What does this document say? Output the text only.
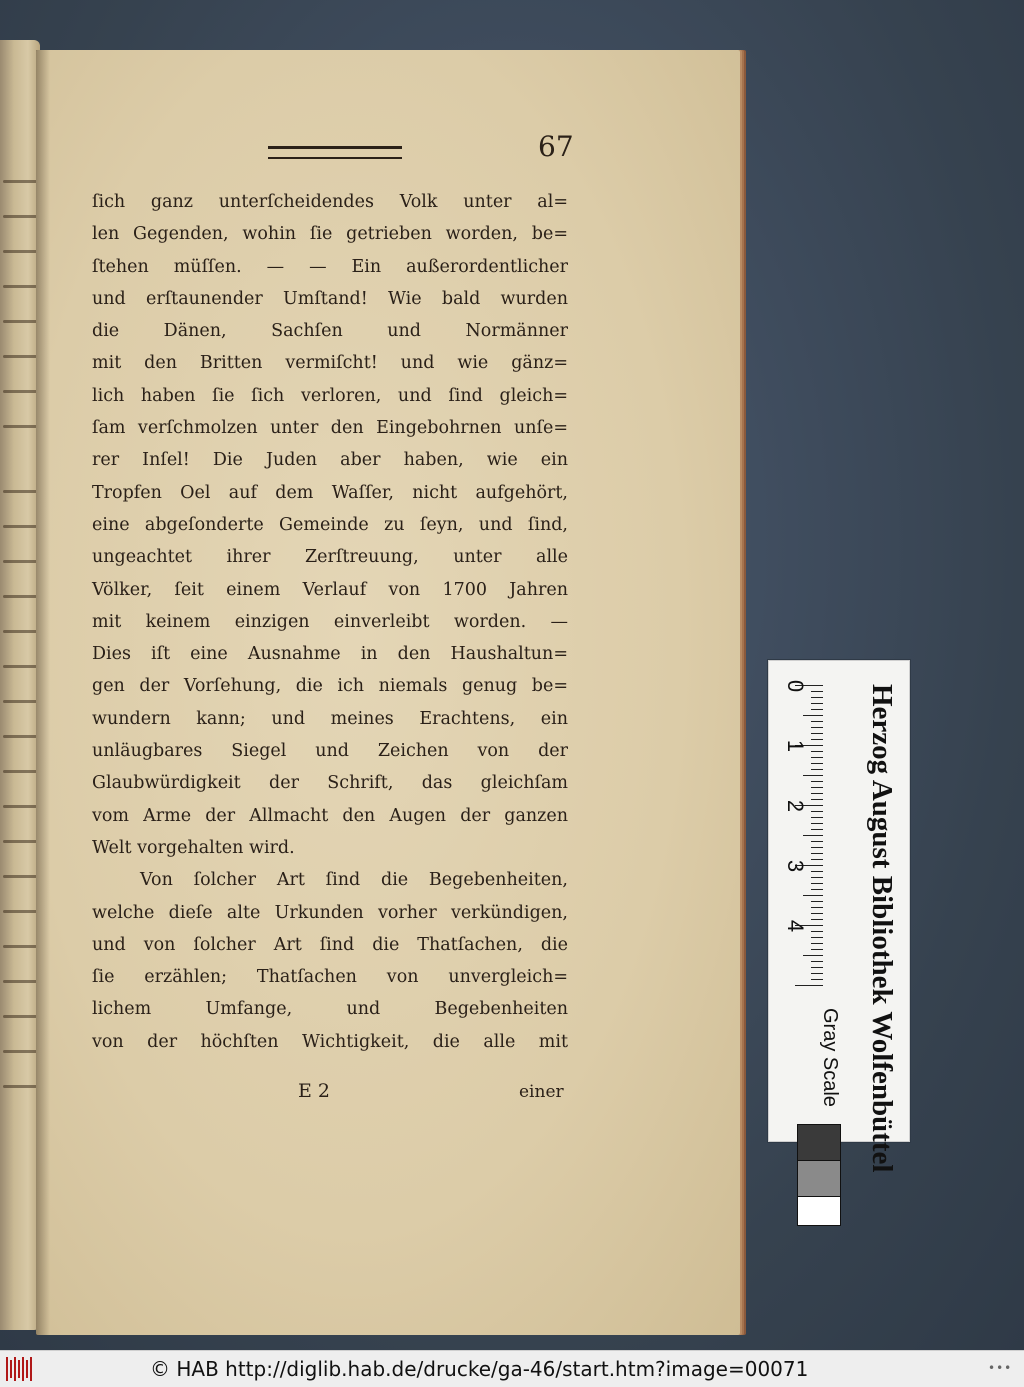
67
ſich ganz unterſcheidendes Volk unter al=
len Gegenden, wohin ſie getrieben worden, be=
ſtehen müſſen. — — Ein außerordentlicher
und erſtaunender Umſtand! Wie bald wurden
die Dänen, Sachſen und Normänner
mit den Britten vermiſcht! und wie gänz=
lich haben ſie ſich verloren, und ſind gleich=
ſam verſchmolzen unter den Eingebohrnen unſe=
rer Inſel! Die Juden aber haben, wie ein
Tropfen Oel auf dem Waſſer, nicht aufgehört,
eine abgeſonderte Gemeinde zu ſeyn, und ſind,
ungeachtet ihrer Zerſtreuung, unter alle
Völker, ſeit einem Verlauf von 1700 Jahren
mit keinem einzigen einverleibt worden. —
Dies iſt eine Ausnahme in den Haushaltun=
gen der Vorſehung, die ich niemals genug be=
wundern kann; und meines Erachtens, ein
unläugbares Siegel und Zeichen von der
Glaubwürdigkeit der Schrift, das gleichſam
vom Arme der Allmacht den Augen der ganzen
Welt vorgehalten wird.
Von ſolcher Art ſind die Begebenheiten,
welche dieſe alte Urkunden vorher verkündigen,
und von ſolcher Art ſind die Thatſachen, die
ſie erzählen; Thatſachen von unvergleich=
lichem Umfange, und Begebenheiten
von der höchſten Wichtigkeit, die alle mit
E 2	einer
0
1
2
3
4 Herzog August Bibliothek Wolfenbüttel
Gray Scale
© HAB http://diglib.hab.de/drucke/ga-46/start.htm?image=00071	•••
